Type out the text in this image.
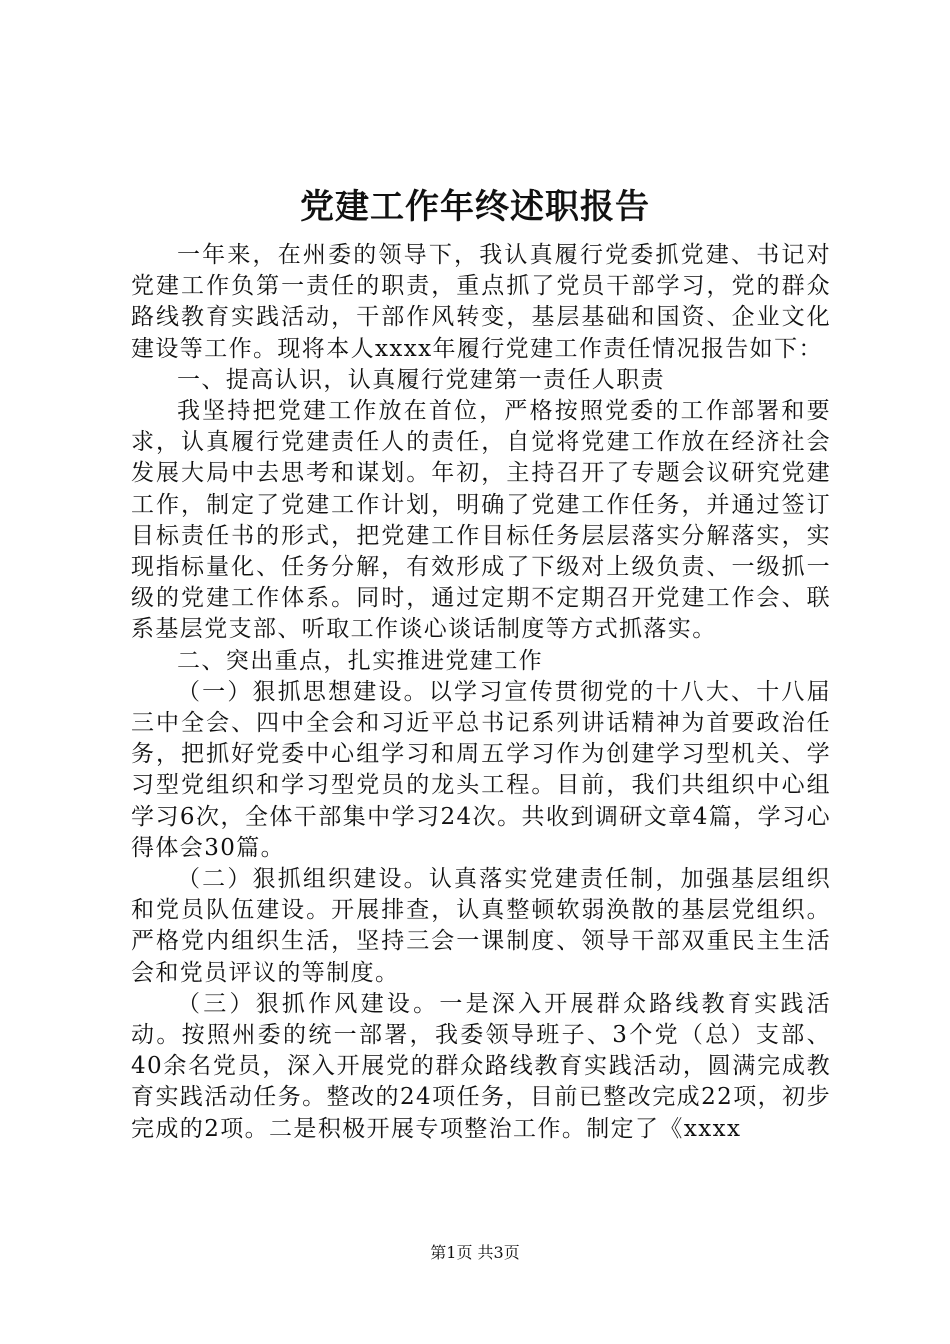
党建工作年终述职报告

一年来，在州委的领导下，我认真履行党委抓党建、书记对党建工作负第一责任的职责，重点抓了党员干部学习，党的群众路线教育实践活动，干部作风转变，基层基础和国资、企业文化建设等工作。现将本人xxxx年履行党建工作责任情况报告如下：

一、提高认识，认真履行党建第一责任人职责

我坚持把党建工作放在首位，严格按照党委的工作部署和要求，认真履行党建责任人的责任，自觉将党建工作放在经济社会发展大局中去思考和谋划。年初，主持召开了专题会议研究党建工作，制定了党建工作计划，明确了党建工作任务，并通过签订目标责任书的形式，把党建工作目标任务层层落实分解落实，实现指标量化、任务分解，有效形成了下级对上级负责、一级抓一级的党建工作体系。同时，通过定期不定期召开党建工作会、联系基层党支部、听取工作谈心谈话制度等方式抓落实。

二、突出重点，扎实推进党建工作

（一）狠抓思想建设。以学习宣传贯彻党的十八大、十八届三中全会、四中全会和习近平总书记系列讲话精神为首要政治任务，把抓好党委中心组学习和周五学习作为创建学习型机关、学习型党组织和学习型党员的龙头工程。目前，我们共组织中心组学习6次，全体干部集中学习24次。共收到调研文章4篇，学习心得体会30篇。

（二）狠抓组织建设。认真落实党建责任制，加强基层组织和党员队伍建设。开展排查，认真整顿软弱涣散的基层党组织。严格党内组织生活，坚持三会一课制度、领导干部双重民主生活会和党员评议的等制度。

（三）狠抓作风建设。一是深入开展群众路线教育实践活动。按照州委的统一部署，我委领导班子、3个党（总）支部、40余名党员，深入开展党的群众路线教育实践活动，圆满完成教育实践活动任务。整改的24项任务，目前已整改完成22项，初步完成的2项。二是积极开展专项整治工作。制定了《xxxx

第1页 共3页
